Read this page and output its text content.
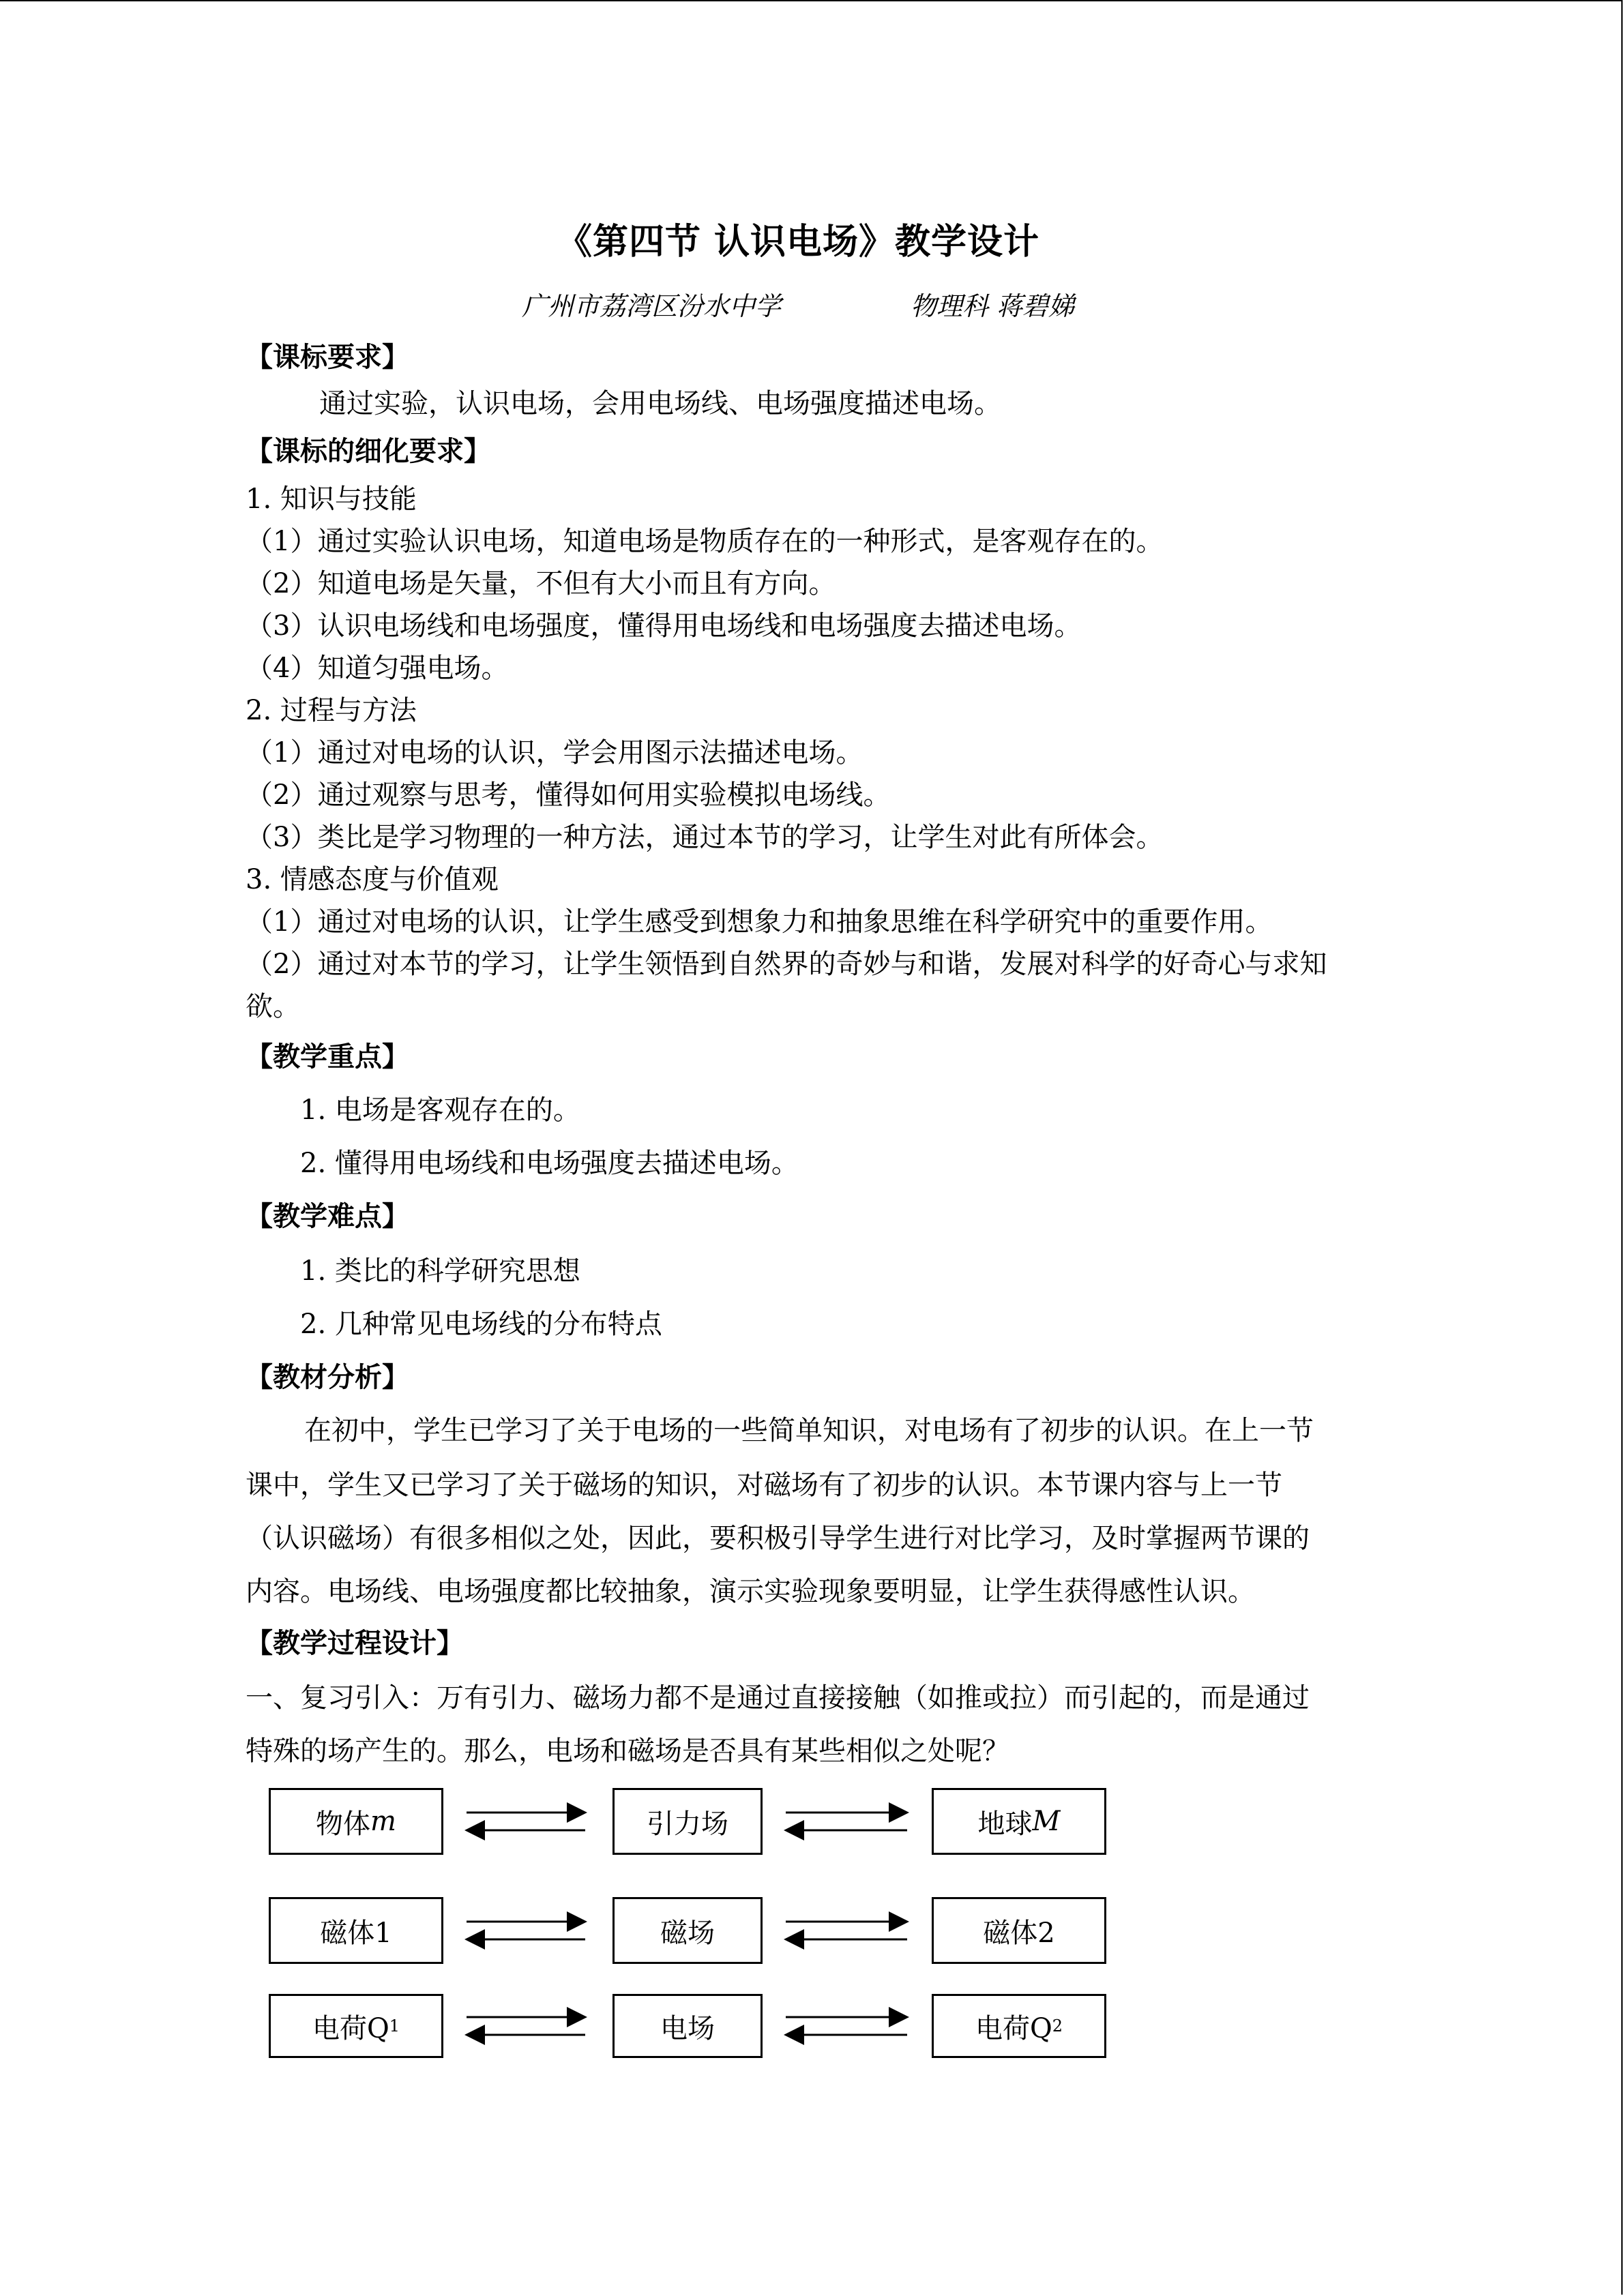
《第四节 认识电场》教学设计
广州市荔湾区汾水中学	物理科 蒋碧娣
【课标要求】
通过实验，认识电场，会用电场线、电场强度描述电场。
【课标的细化要求】
1. 知识与技能
（1）通过实验认识电场，知道电场是物质存在的一种形式，是客观存在的。
（2）知道电场是矢量，不但有大小而且有方向。
（3）认识电场线和电场强度，懂得用电场线和电场强度去描述电场。
（4）知道匀强电场。
2. 过程与方法
（1）通过对电场的认识，学会用图示法描述电场。
（2）通过观察与思考，懂得如何用实验模拟电场线。
（3）类比是学习物理的一种方法，通过本节的学习，让学生对此有所体会。
3. 情感态度与价值观
（1）通过对电场的认识，让学生感受到想象力和抽象思维在科学研究中的重要作用。
（2）通过对本节的学习，让学生领悟到自然界的奇妙与和谐，发展对科学的好奇心与求知
欲。
【教学重点】
1. 电场是客观存在的。
2. 懂得用电场线和电场强度去描述电场。
【教学难点】
1. 类比的科学研究思想
2. 几种常见电场线的分布特点
【教材分析】
在初中，学生已学习了关于电场的一些简单知识，对电场有了初步的认识。在上一节
课中，学生又已学习了关于磁场的知识，对磁场有了初步的认识。本节课内容与上一节
（认识磁场）有很多相似之处，因此，要积极引导学生进行对比学习，及时掌握两节课的
内容。电场线、电场强度都比较抽象，演示实验现象要明显，让学生获得感性认识。
【教学过程设计】
一、复习引入：万有引力、磁场力都不是通过直接接触（如推或拉）而引起的，而是通过
特殊的场产生的。那么，电场和磁场是否具有某些相似之处呢？
物体 m	引力场	地球 M
磁体1	磁场	磁体2
电荷Q 1	电场	电荷Q 2
